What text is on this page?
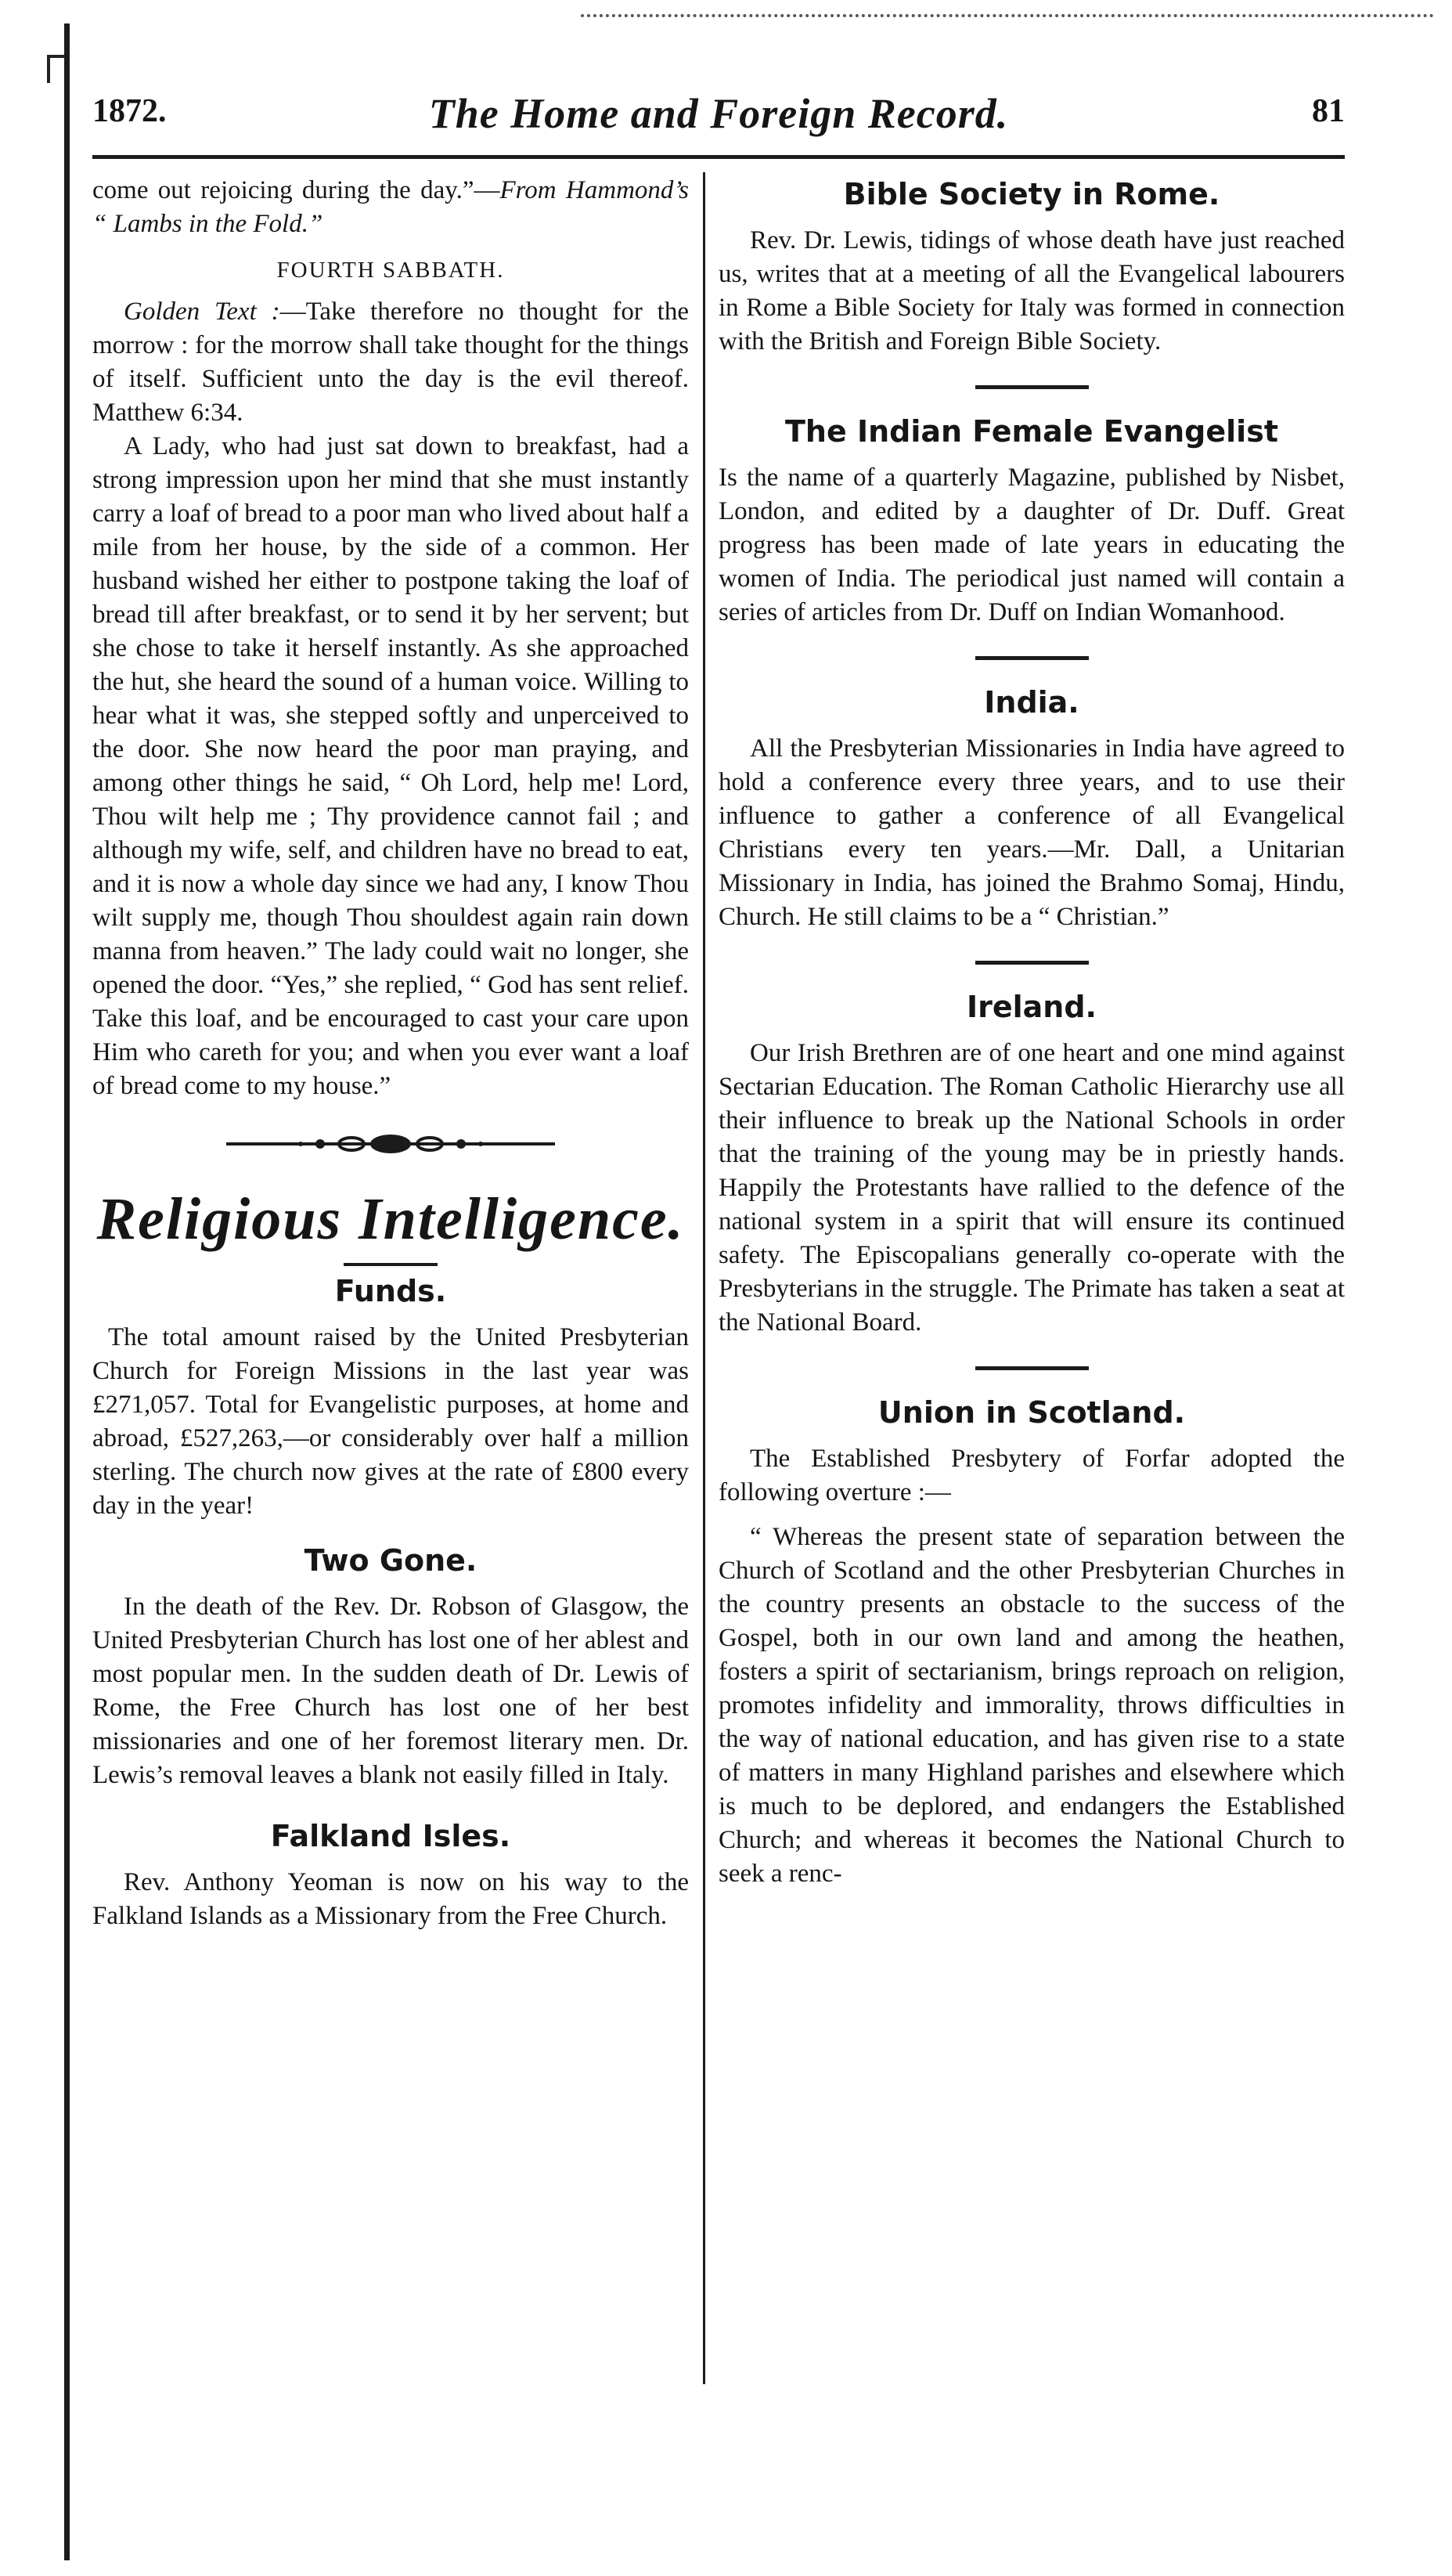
1872.	The Home and Foreign Record.	81

come out rejoicing during the day.”—From Hammond’s “ Lambs in the Fold.”

FOURTH SABBATH.

Golden Text :—Take therefore no thought for the morrow : for the morrow shall take thought for the things of itself. Sufficient unto the day is the evil thereof. Matthew 6:34.

A Lady, who had just sat down to breakfast, had a strong impression upon her mind that she must instantly carry a loaf of bread to a poor man who lived about half a mile from her house, by the side of a common. Her husband wished her either to postpone taking the loaf of bread till after breakfast, or to send it by her servent; but she chose to take it herself instantly. As she approached the hut, she heard the sound of a human voice. Willing to hear what it was, she stepped softly and unperceived to the door. She now heard the poor man praying, and among other things he said, “ Oh Lord, help me! Lord, Thou wilt help me ; Thy providence cannot fail ; and although my wife, self, and children have no bread to eat, and it is now a whole day since we had any, I know Thou wilt supply me, though Thou shouldest again rain down manna from heaven.” The lady could wait no longer, she opened the door. “Yes,” she replied, “ God has sent relief. Take this loaf, and be encouraged to cast your care upon Him who careth for you; and when you ever want a loaf of bread come to my house.”

Religious Intelligence.
Funds.

The total amount raised by the United Presbyterian Church for Foreign Missions in the last year was £271,057. Total for Evangelistic purposes, at home and abroad, £527,263,—or considerably over half a million sterling. The church now gives at the rate of £800 every day in the year!

Two Gone.

In the death of the Rev. Dr. Robson of Glasgow, the United Presbyterian Church has lost one of her ablest and most popular men. In the sudden death of Dr. Lewis of Rome, the Free Church has lost one of her best missionaries and one of her foremost literary men. Dr. Lewis’s removal leaves a blank not easily filled in Italy.

Falkland Isles.

Rev. Anthony Yeoman is now on his way to the Falkland Islands as a Missionary from the Free Church.

Bible Society in Rome.

Rev. Dr. Lewis, tidings of whose death have just reached us, writes that at a meeting of all the Evangelical labourers in Rome a Bible Society for Italy was formed in connection with the British and Foreign Bible Society.

The Indian Female Evangelist

Is the name of a quarterly Magazine, published by Nisbet, London, and edited by a daughter of Dr. Duff. Great progress has been made of late years in educating the women of India. The periodical just named will contain a series of articles from Dr. Duff on Indian Womanhood.

India.

All the Presbyterian Missionaries in India have agreed to hold a conference every three years, and to use their influence to gather a conference of all Evangelical Christians every ten years.—Mr. Dall, a Unitarian Missionary in India, has joined the Brahmo Somaj, Hindu, Church. He still claims to be a “ Christian.”

Ireland.

Our Irish Brethren are of one heart and one mind against Sectarian Education. The Roman Catholic Hierarchy use all their influence to break up the National Schools in order that the training of the young may be in priestly hands. Happily the Protestants have rallied to the defence of the national system in a spirit that will ensure its continued safety. The Episcopalians generally co-operate with the Presbyterians in the struggle. The Primate has taken a seat at the National Board.

Union in Scotland.

The Established Presbytery of Forfar adopted the following overture :—

“ Whereas the present state of separation between the Church of Scotland and the other Presbyterian Churches in the country presents an obstacle to the success of the Gospel, both in our own land and among the heathen, fosters a spirit of sectarianism, brings reproach on religion, promotes infidelity and immorality, throws difficulties in the way of national education, and has given rise to a state of matters in many Highland parishes and elsewhere which is much to be deplored, and endangers the Established Church; and whereas it becomes the National Church to seek a renc-
